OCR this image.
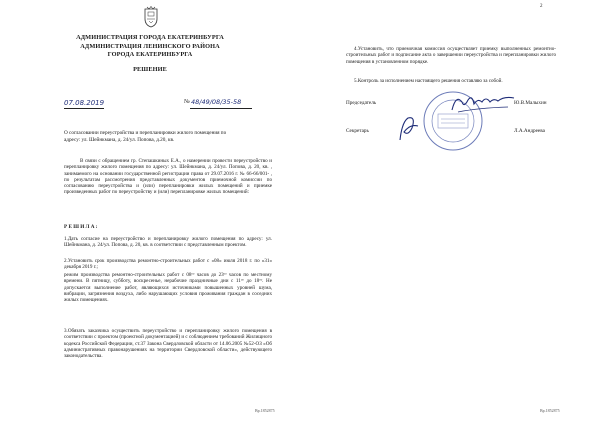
АДМИНИСТРАЦИЯ ГОРОДА ЕКАТЕРИНБУРГА
АДМИНИСТРАЦИЯ ЛЕНИНСКОГО РАЙОНА
ГОРОДА ЕКАТЕРИНБУРГА
РЕШЕНИЕ
07.08.2019	№ 48/49/08/35-58
О согласовании переустройства и перепланировки жилого помещения по
адресу: ул. Шейнкмана, д. 24/ул. Попова, д.20, кв.
В связи с обращением гр. Степашкиных Е.А., о намерении провести переустройство и перепланировку жилого помещения по адресу: ул. Шейнкмана, д. 24/ул. Попова, д. 20, кв. , занимаемого на основании государственной регистрации права от 29.07.2016 г. № 66-66/001- , по результатам рассмотрения представленных документов приемочной комиссии по согласованию переустройства и (или) перепланировки жилых помещений и приемке произведенных работ по переустройству и (или) перепланировке жилых помещений:
Р Е Ш И Л А :
1.Дать согласие на переустройство и перепланировку жилого помещения по адресу: ул. Шейнкмана, д. 24/ул. Попова, д. 20, кв. в соответствии с представленным проектом.
2.Установить срок производства ремонтно-строительных работ с «08» июля 2018 г. по «31» декабря 2019 г.;
режим производства ремонтно-строительных работ с 08ᵒᵒ часов до 23ᵒᵒ часов по местному времени. В пятницу, субботу, воскресенье, нерабочие праздничные дни с 11ᵒᵒ до 18ᵒᵒ. Не допускается выполнение работ, являющихся источниками повышенных уровней шума, вибрации, загрязнения воздуха, либо нарушающих условия проживания граждан в соседних жилых помещениях.
3.Обязать заказчика осуществить переустройство и перепланировку жилого помещения в соответствии с проектом (проектной документацией) и с соблюдением требований Жилищного кодекса Российской Федерации, ст.37 Закона Свердловской области от 14.06.2005 №52-ОЗ «Об административных правонарушениях на территории Свердловской области», действующего законодательства.
Вр.1852875
2
4.Установить, что приемочная комиссия осуществляет приемку выполненных ремонтно-строительных работ и подписание акта о завершении переустройства и перепланировки жилого помещения в установленном порядке.
5.Контроль за исполнением настоящего решения оставляю за собой.
Председатель	Ю.В.Малыхин
Секретарь	Л.А.Андреева
Вр.1852875
